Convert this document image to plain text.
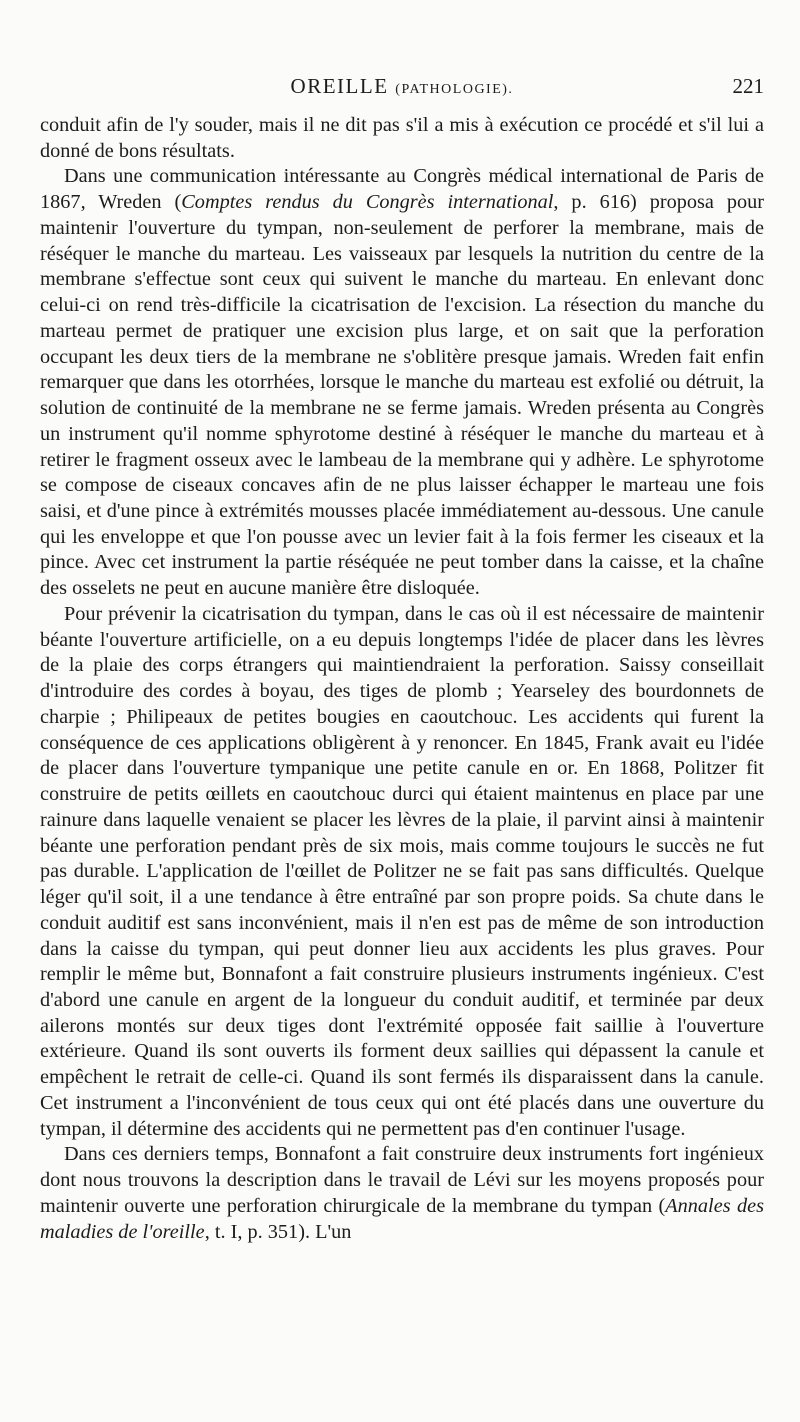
OREILLE (PATHOLOGIE).	221

conduit afin de l'y souder, mais il ne dit pas s'il a mis à exécution ce procédé et s'il lui a donné de bons résultats.

Dans une communication intéressante au Congrès médical international de Paris de 1867, Wreden (Comptes rendus du Congrès international, p. 616) proposa pour maintenir l'ouverture du tympan, non-seulement de perforer la membrane, mais de réséquer le manche du marteau. Les vaisseaux par lesquels la nutrition du centre de la membrane s'effectue sont ceux qui suivent le manche du marteau. En enlevant donc celui-ci on rend très-difficile la cicatrisation de l'excision. La résection du manche du marteau permet de pratiquer une excision plus large, et on sait que la perforation occupant les deux tiers de la membrane ne s'oblitère presque jamais. Wreden fait enfin remarquer que dans les otorrhées, lorsque le manche du marteau est exfolié ou détruit, la solution de continuité de la membrane ne se ferme jamais. Wreden présenta au Congrès un instrument qu'il nomme sphyrotome destiné à réséquer le manche du marteau et à retirer le fragment osseux avec le lambeau de la membrane qui y adhère. Le sphyrotome se compose de ciseaux concaves afin de ne plus laisser échapper le marteau une fois saisi, et d'une pince à extrémités mousses placée immédiatement au-dessous. Une canule qui les enveloppe et que l'on pousse avec un levier fait à la fois fermer les ciseaux et la pince. Avec cet instrument la partie réséquée ne peut tomber dans la caisse, et la chaîne des osselets ne peut en aucune manière être disloquée.

Pour prévenir la cicatrisation du tympan, dans le cas où il est nécessaire de maintenir béante l'ouverture artificielle, on a eu depuis longtemps l'idée de placer dans les lèvres de la plaie des corps étrangers qui maintiendraient la perforation. Saissy conseillait d'introduire des cordes à boyau, des tiges de plomb ; Yearseley des bourdonnets de charpie ; Philipeaux de petites bougies en caoutchouc. Les accidents qui furent la conséquence de ces applications obligèrent à y renoncer. En 1845, Frank avait eu l'idée de placer dans l'ouverture tympanique une petite canule en or. En 1868, Politzer fit construire de petits œillets en caoutchouc durci qui étaient maintenus en place par une rainure dans laquelle venaient se placer les lèvres de la plaie, il parvint ainsi à maintenir béante une perforation pendant près de six mois, mais comme toujours le succès ne fut pas durable. L'application de l'œillet de Politzer ne se fait pas sans difficultés. Quelque léger qu'il soit, il a une tendance à être entraîné par son propre poids. Sa chute dans le conduit auditif est sans inconvénient, mais il n'en est pas de même de son introduction dans la caisse du tympan, qui peut donner lieu aux accidents les plus graves. Pour remplir le même but, Bonnafont a fait construire plusieurs instruments ingénieux. C'est d'abord une canule en argent de la longueur du conduit auditif, et terminée par deux ailerons montés sur deux tiges dont l'extrémité opposée fait saillie à l'ouverture extérieure. Quand ils sont ouverts ils forment deux saillies qui dépassent la canule et empêchent le retrait de celle-ci. Quand ils sont fermés ils disparaissent dans la canule. Cet instrument a l'inconvénient de tous ceux qui ont été placés dans une ouverture du tympan, il détermine des accidents qui ne permettent pas d'en continuer l'usage.

Dans ces derniers temps, Bonnafont a fait construire deux instruments fort ingénieux dont nous trouvons la description dans le travail de Lévi sur les moyens proposés pour maintenir ouverte une perforation chirurgicale de la membrane du tympan (Annales des maladies de l'oreille, t. I, p. 351). L'un
